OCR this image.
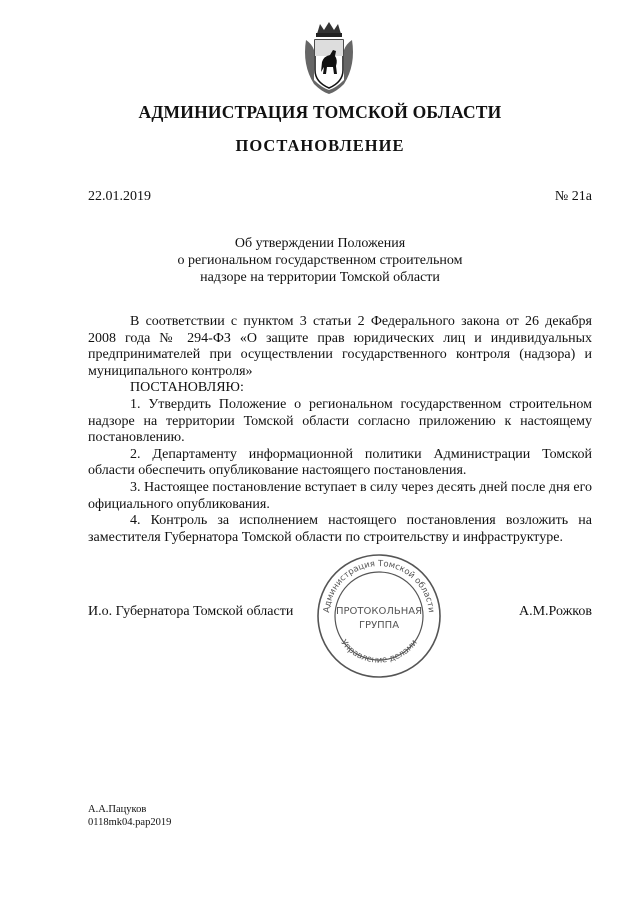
АДМИНИСТРАЦИЯ ТОМСКОЙ ОБЛАСТИ
ПОСТАНОВЛЕНИЕ
22.01.2019	№ 21а
Об утверждении Положения
о региональном государственном строительном
надзоре на территории Томской области

В соответствии с пунктом 3 статьи 2 Федерального закона от 26 декабря 2008 года № 294-ФЗ «О защите прав юридических лиц и индивидуальных предпринимателей при осуществлении государственного контроля (надзора) и муниципального контроля»

ПОСТАНОВЛЯЮ:

1. Утвердить Положение о региональном государственном строительном надзоре на территории Томской области согласно приложению к настоящему постановлению.

2. Департаменту информационной политики Администрации Томской области обеспечить опубликование настоящего постановления.

3. Настоящее постановление вступает в силу через десять дней после дня его официального опубликования.

4. Контроль за исполнением настоящего постановления возложить на заместителя Губернатора Томской области по строительству и инфраструктуре.

И.о. Губернатора Томской области	А.М.Рожков
Администрация Томской области
Управление делами
ПРОТОКОЛЬНАЯ
ГРУППА
А.А.Пацуков
0118mk04.pap2019
